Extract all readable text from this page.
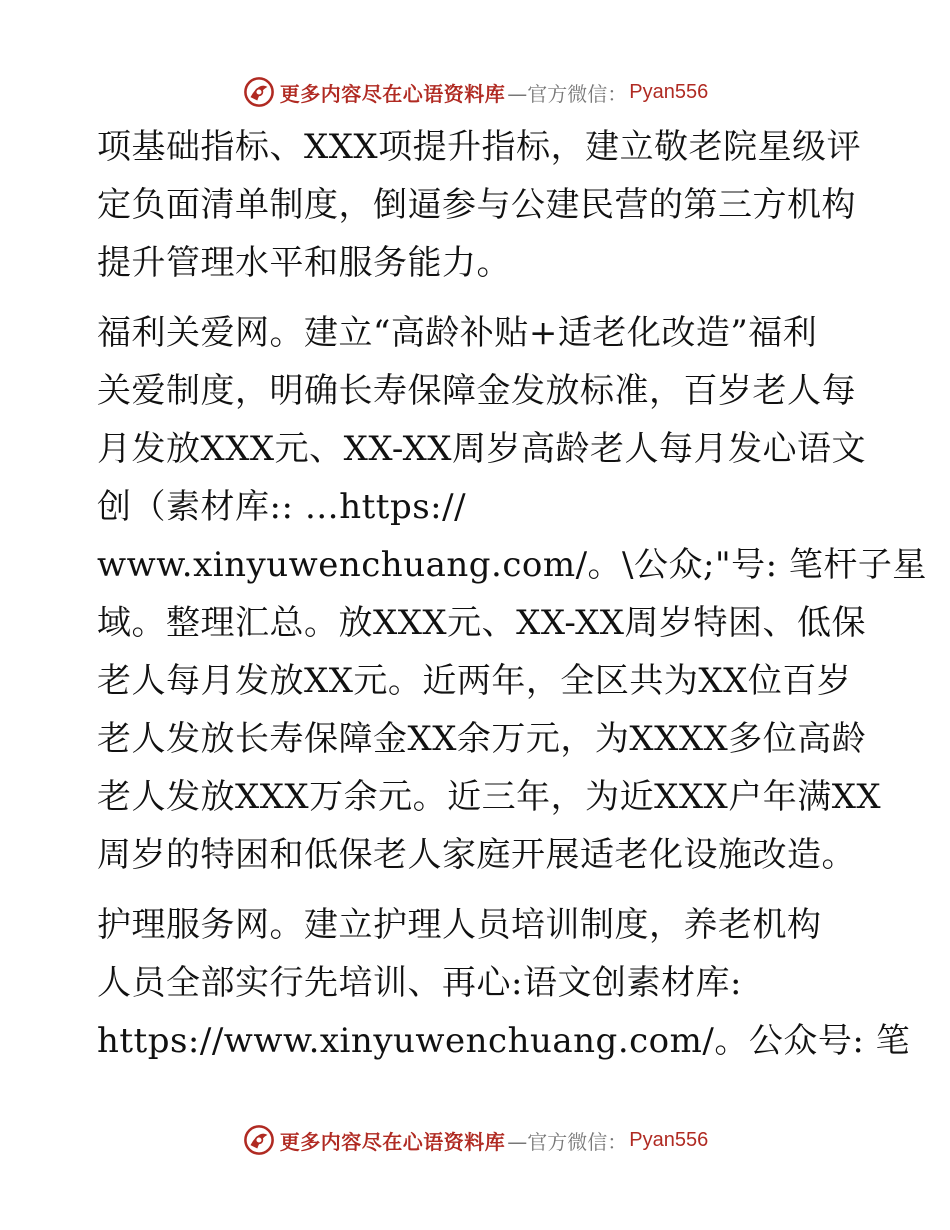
更多内容尽在心语资料库 —官方微信： Pyan556
项基础指标、XXX项提升指标，建立敬老院星级评
定负面清单制度，倒逼参与公建民营的第三方机构
提升管理水平和服务能力。
福利关爱网。建立“高龄补贴+适老化改造”福利
关爱制度，明确长寿保障金发放标准，百岁老人每
月发放XXX元、XX-XX周岁高龄老人每月发心语文
创（素材库:: …https://
www.xinyuwenchuang.com/。\公众;"号: 笔杆子星
域。整理汇总。放XXX元、XX-XX周岁特困、低保
老人每月发放XX元。近两年，全区共为XX位百岁
老人发放长寿保障金XX余万元，为XXXX多位高龄
老人发放XXX万余元。近三年，为近XXX户年满XX
周岁的特困和低保老人家庭开展适老化设施改造。
护理服务网。建立护理人员培训制度，养老机构
人员全部实行先培训、再心:语文创素材库:
https://www.xinyuwenchuang.com/。公众号: 笔
更多内容尽在心语资料库 —官方微信： Pyan556
